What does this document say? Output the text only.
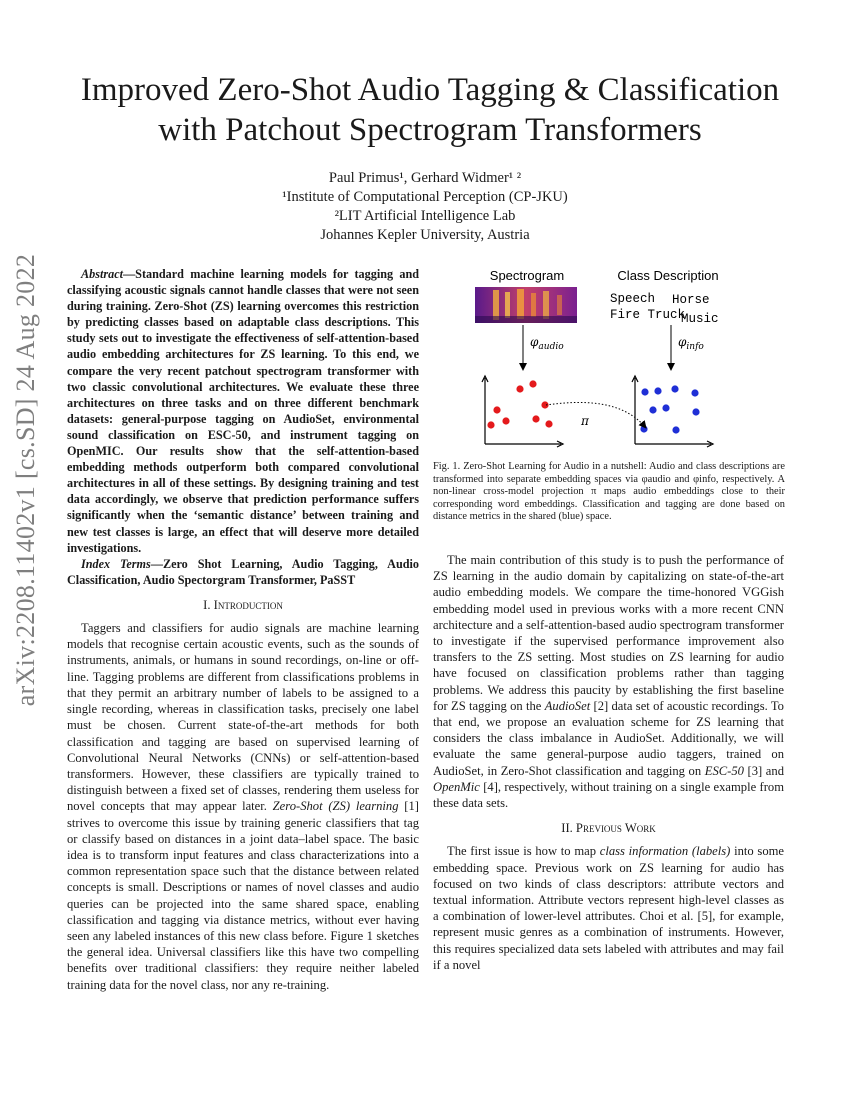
arXiv:2208.11402v1 [cs.SD] 24 Aug 2022
Improved Zero-Shot Audio Tagging & Classification
with Patchout Spectrogram Transformers
Paul Primus¹, Gerhard Widmer¹ ²
¹Institute of Computational Perception (CP-JKU)
²LIT Artificial Intelligence Lab
Johannes Kepler University, Austria

Abstract—Standard machine learning models for tagging and classifying acoustic signals cannot handle classes that were not seen during training. Zero-Shot (ZS) learning overcomes this restriction by predicting classes based on adaptable class descriptions. This study sets out to investigate the effectiveness of self-attention-based audio embedding architectures for ZS learning. To this end, we compare the very recent patchout spectrogram transformer with two classic convolutional architectures. We evaluate these three architectures on three tasks and on three different benchmark datasets: general-purpose tagging on AudioSet, environmental sound classification on ESC-50, and instrument tagging on OpenMIC. Our results show that the self-attention-based embedding methods outperform both compared convolutional architectures in all of these settings. By designing training and test data accordingly, we observe that prediction performance suffers significantly when the ‘semantic distance’ between training and new test classes is large, an effect that will deserve more detailed investigations.

Index Terms—Zero Shot Learning, Audio Tagging, Audio Classification, Audio Spectorgram Transformer, PaSST

I. Introduction

Taggers and classifiers for audio signals are machine learning models that recognise certain acoustic events, such as the sounds of instruments, animals, or humans in sound recordings, on-line or off-line. Tagging problems are different from classifications problems in that they permit an arbitrary number of labels to be assigned to a single recording, whereas in classification tasks, precisely one label must be chosen. Current state-of-the-art methods for both classification and tagging are based on supervised learning of Convolutional Neural Networks (CNNs) or self-attention-based transformers. However, these classifiers are typically trained to distinguish between a fixed set of classes, rendering them useless for novel concepts that may appear later. Zero-Shot (ZS) learning [1] strives to overcome this issue by training generic classifiers that tag or classify based on distances in a joint data–label space. The basic idea is to transform input features and class characterizations into a common representation space such that the distance between related concepts is small. Descriptions or names of novel classes and audio queries can be projected into the same shared space, enabling classification and tagging via distance metrics, without ever having seen any labeled instances of this new class before. Figure 1 sketches the general idea. Universal classifiers like this have two compelling benefits over traditional classifiers: they require neither labeled training data for the novel class, nor any re-training.

Spectrogram	Class Description
Speech Horse
Fire Truck
Music
$\varphi_{audio}$	$\varphi_{info}$
π
Fig. 1. Zero-Shot Learning for Audio in a nutshell: Audio and class descriptions are transformed into separate embedding spaces via φaudio and φinfo, respectively. A non-linear cross-model projection π maps audio embeddings close to their corresponding word embeddings. Classification and tagging are done based on distance metrics in the shared (blue) space.

The main contribution of this study is to push the performance of ZS learning in the audio domain by capitalizing on state-of-the-art audio embedding models. We compare the time-honored VGGish embedding model used in previous works with a more recent CNN architecture and a self-attention-based audio spectrogram transformer to investigate if the supervised performance improvement also transfers to the ZS setting. Most studies on ZS learning for audio have focused on classification problems rather than tagging problems. We address this paucity by establishing the first baseline for ZS tagging on the AudioSet [2] data set of acoustic recordings. To that end, we propose an evaluation scheme for ZS learning that considers the class imbalance in AudioSet. Additionally, we will evaluate the same general-purpose audio taggers, trained on AudioSet, in Zero-Shot classification and tagging on ESC-50 [3] and OpenMic [4], respectively, without training on a single example from these data sets.

II. Previous Work

The first issue is how to map class information (labels) into some embedding space. Previous work on ZS learning for audio has focused on two kinds of class descriptors: attribute vectors and textual information. Attribute vectors represent high-level classes as a combination of lower-level attributes. Choi et al. [5], for example, represent music genres as a combination of instruments. However, this requires specialized data sets labeled with attributes and may fail if a novel
